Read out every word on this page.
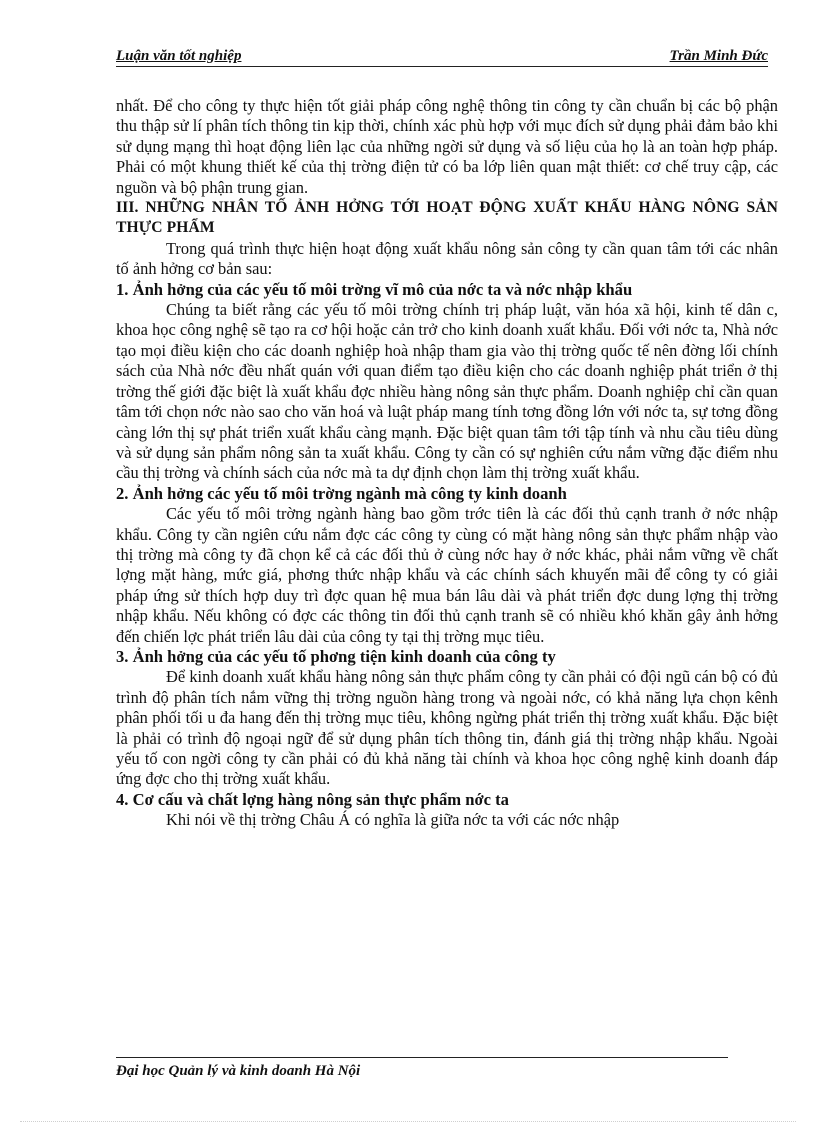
Luận văn tốt nghiệp	Trần Minh Đức

nhất. Để cho công ty thực hiện tốt giải pháp công nghệ thông tin công ty cần chuẩn bị các bộ phận thu thập sử lí phân tích thông tin kịp thời, chính xác phù hợp với mục đích sử dụng phải đảm bảo khi sử dụng mạng thì hoạt động liên lạc của những ngời sử dụng và số liệu của họ là an toàn hợp pháp. Phải có một khung thiết kế của thị trờng điện tử có ba lớp liên quan mật thiết: cơ chế truy cập, các nguồn và bộ phận trung gian.

III. NHỮNG NHÂN TỐ ẢNH HỞNG TỚI HOẠT ĐỘNG XUẤT KHẨU HÀNG NÔNG SẢN THỰC PHẨM

Trong quá trình thực hiện hoạt động xuất khẩu nông sản công ty cần quan tâm tới các nhân tố ảnh hởng cơ bản sau:

1. Ảnh hởng của các yếu tố môi trờng vĩ mô của nớc ta và nớc nhập khẩu

Chúng ta biết rằng các yếu tố môi trờng chính trị pháp luật, văn hóa xã hội, kinh tế dân c, khoa học công nghệ sẽ tạo ra cơ hội hoặc cản trở cho kinh doanh xuất khẩu. Đối với nớc ta, Nhà nớc tạo mọi điều kiện cho các doanh nghiệp hoà nhập tham gia vào thị trờng quốc tế nên đờng lối chính sách của Nhà nớc đều nhất quán với quan điểm tạo điều kiện cho các doanh nghiệp phát triển ở thị trờng thế giới đặc biệt là xuất khẩu đợc nhiều hàng nông sản thực phẩm. Doanh nghiệp chỉ cần quan tâm tới chọn nớc nào sao cho văn hoá và luật pháp mang tính tơng đồng lớn với nớc ta, sự tơng đồng càng lớn thị sự phát triển xuất khẩu càng mạnh. Đặc biệt quan tâm tới tập tính và nhu cầu tiêu dùng và sử dụng sản phẩm nông sản ta xuất khẩu. Công ty cần có sự nghiên cứu nắm vững đặc điểm nhu cầu thị trờng và chính sách của nớc mà ta dự định chọn làm thị trờng xuất khẩu.

2. Ảnh hởng các yếu tố môi trờng ngành mà công ty kinh doanh

Các yếu tố môi trờng ngành hàng bao gồm trớc tiên là các đối thủ cạnh tranh ở nớc nhập khẩu. Công ty cần ngiên cứu nắm đợc các công ty cùng có mặt hàng nông sản thực phẩm nhập vào thị trờng mà công ty đã chọn kể cả các đối thủ ở cùng nớc hay ở nớc khác, phải nắm vững về chất lợng mặt hàng, mức giá, phơng thức nhập khẩu và các chính sách khuyến mãi để công ty có giải pháp ứng sử thích hợp duy trì đợc quan hệ mua bán lâu dài và phát triển đợc dung lợng thị trờng nhập khẩu. Nếu không có đợc các thông tin đối thủ cạnh tranh sẽ có nhiều khó khăn gây ảnh hởng đến chiến lợc phát triển lâu dài của công ty tại thị trờng mục tiêu.

3. Ảnh hởng của các yếu tố phơng tiện kinh doanh của công ty

Để kinh doanh xuất khẩu hàng nông sản thực phẩm công ty cần phải có đội ngũ cán bộ có đủ trình độ phân tích nắm vững thị trờng nguồn hàng trong và ngoài nớc, có khả năng lựa chọn kênh phân phối tối u đa hang đến thị trờng mục tiêu, không ngừng phát triển thị trờng xuất khẩu. Đặc biệt là phải có trình độ ngoại ngữ để sử dụng phân tích thông tin, đánh giá thị trờng nhập khẩu. Ngoài yếu tố con ngời công ty cần phải có đủ khả năng tài chính và khoa học công nghệ kinh doanh đáp ứng đợc cho thị trờng xuất khẩu.

4. Cơ cấu và chất lợng hàng nông sản thực phẩm nớc ta

Khi nói về thị trờng Châu Á có nghĩa là giữa nớc ta với các nớc nhập

Đại học Quản lý và kinh doanh Hà Nội
